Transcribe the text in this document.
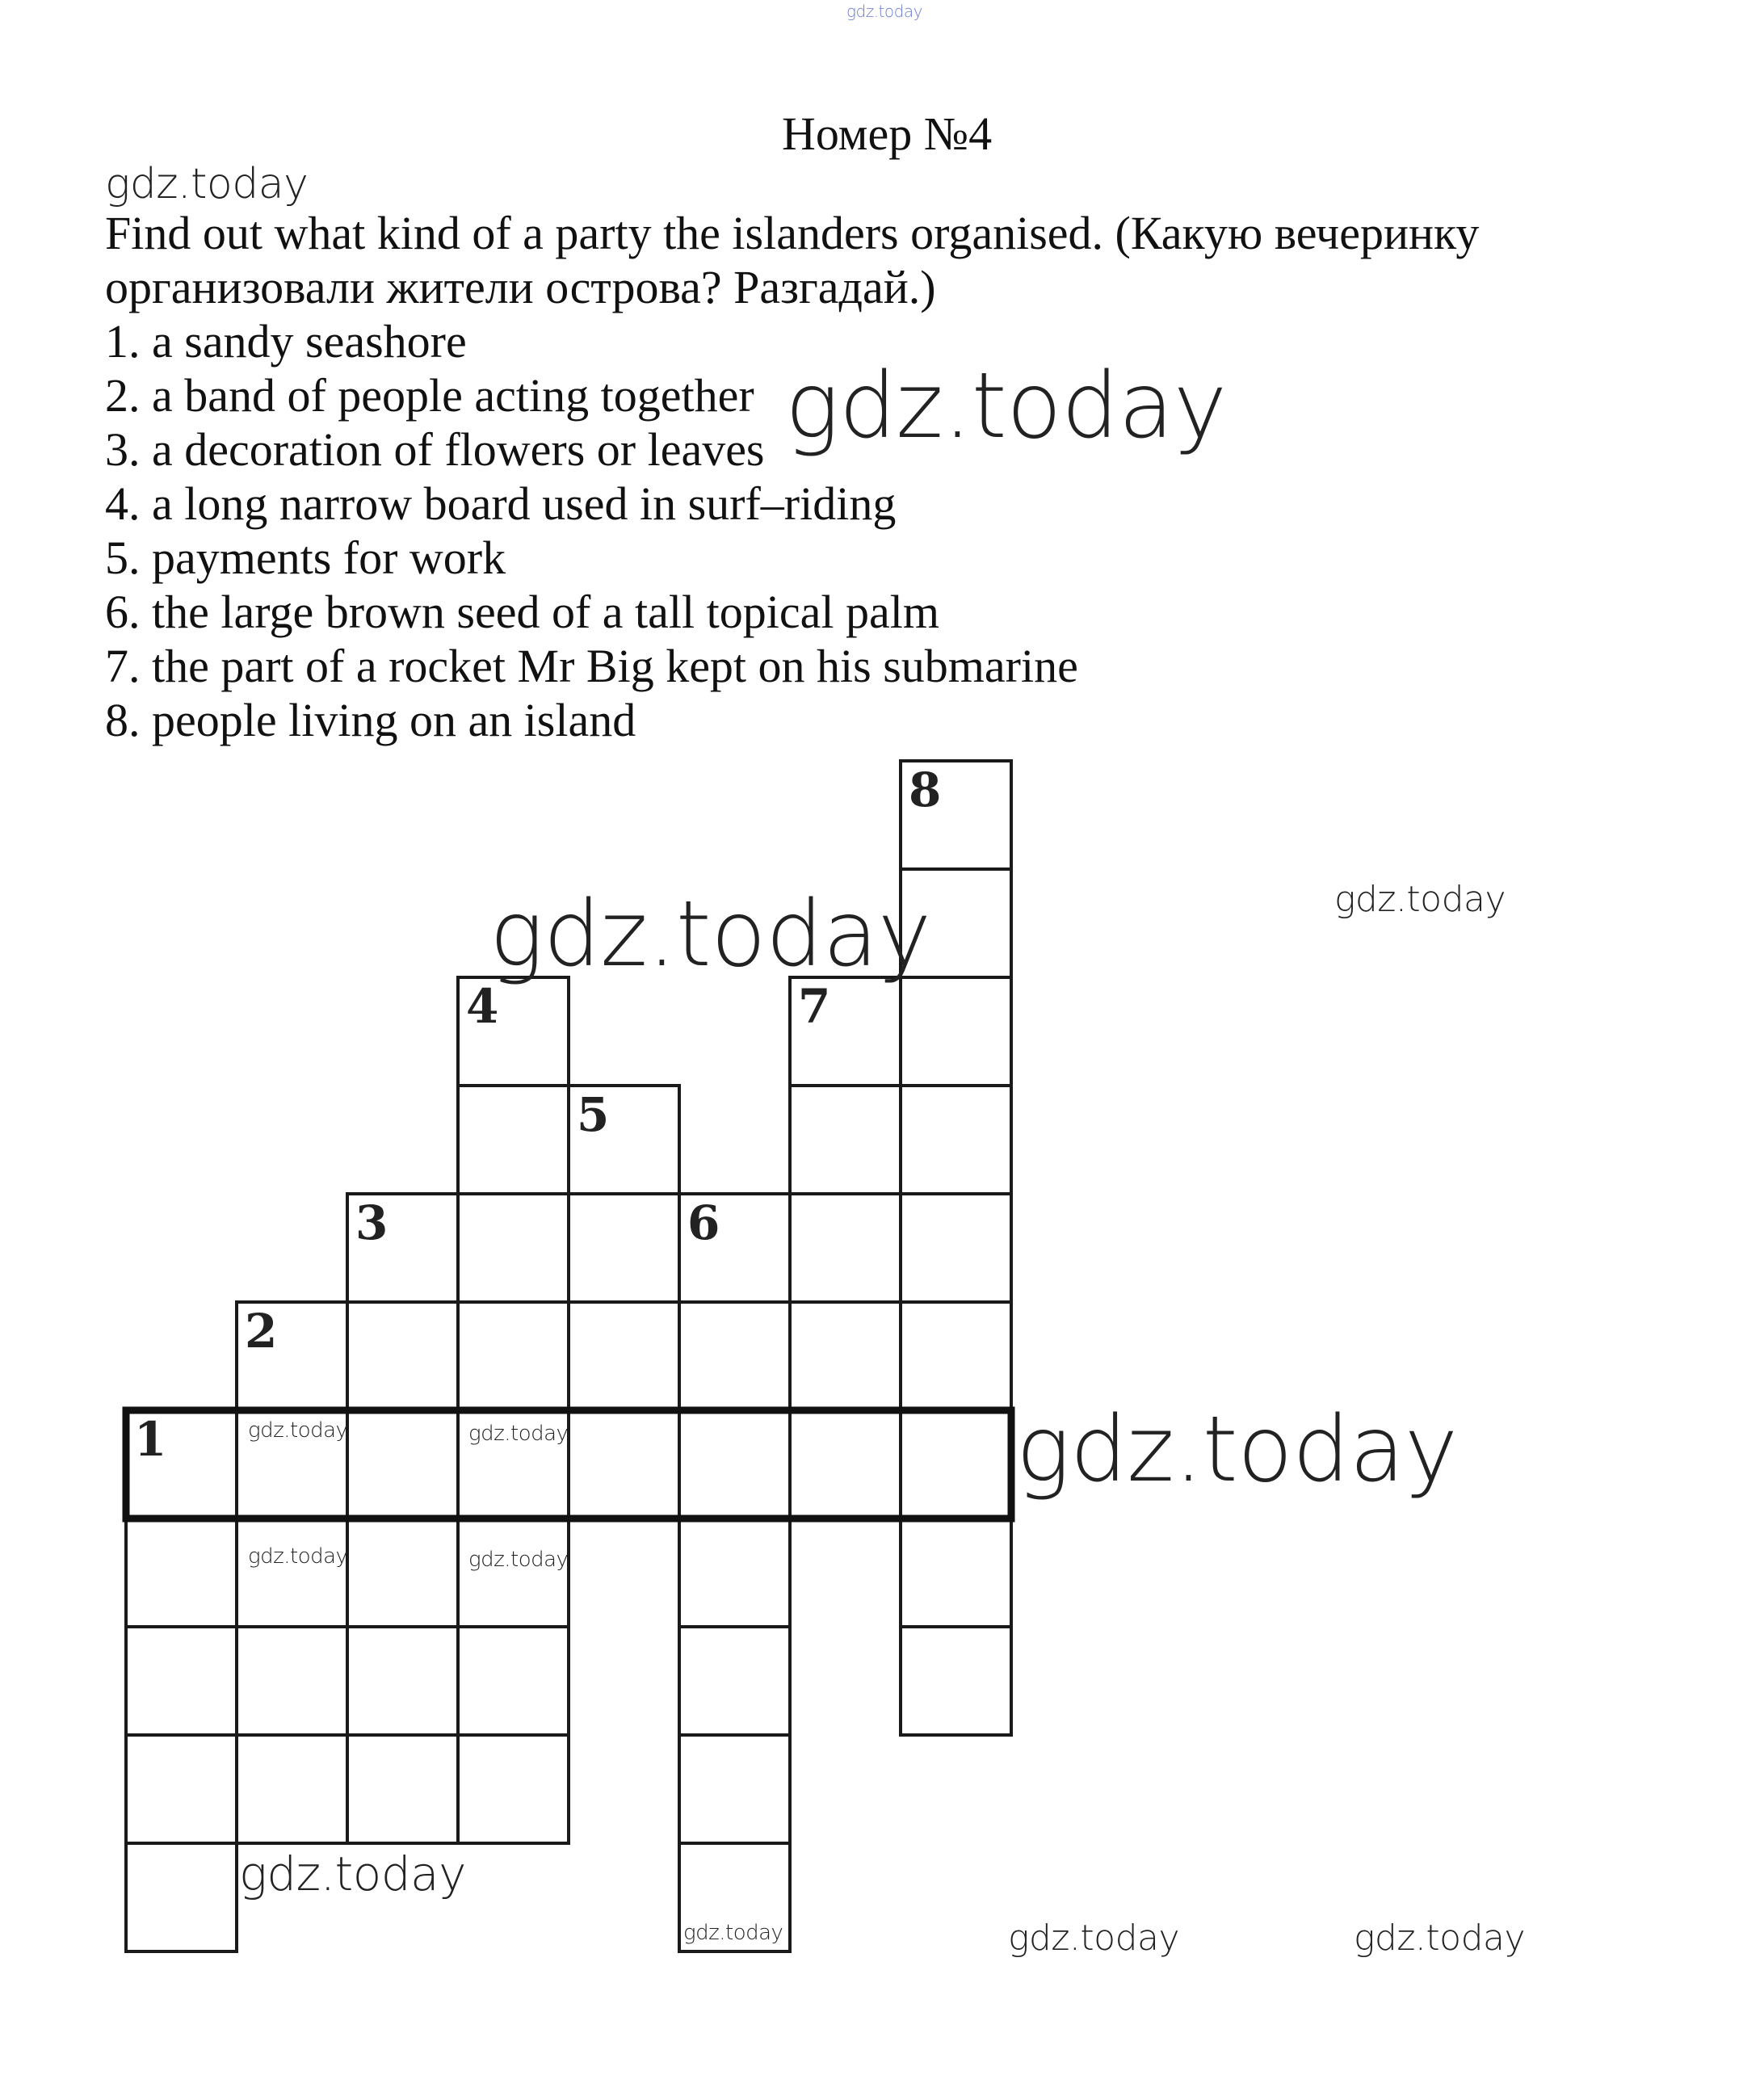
gdz.today
Номер №4
gdz.today
Find out what kind of a party the islanders organised. (Какую вечеринку
организовали жители острова? Разгадай.)
1. a sandy seashore
2. a band of people acting together
3. a decoration of flowers or leaves
4. a long narrow board used in surf–riding
5. payments for work
6. the large brown seed of a tall topical palm
7. the part of a rocket Mr Big kept on his submarine
8. people living on an island
1
2
3
4
5
6
7
8
gdz.today
gdz.today	gdz.today
gdz.today
gdz.today	gdz.today
gdz.today	gdz.today
gdz.today
gdz.today	gdz.today	gdz.today
